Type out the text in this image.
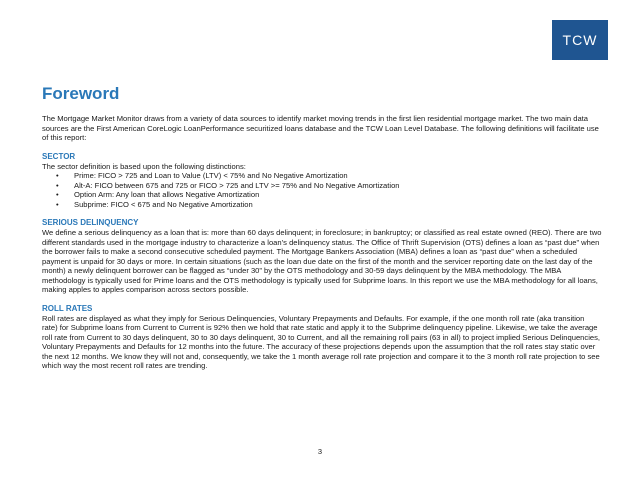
TCW
Foreword

The Mortgage Market Monitor draws from a variety of data sources to identify market moving trends in the first lien residential mortgage market. The two main data sources are the First American CoreLogic LoanPerformance securitized loans database and the TCW Loan Level Database. The following definitions will facilitate use of this report:

SECTOR

The sector definition is based upon the following distinctions:

• Prime: FICO > 725 and Loan to Value (LTV) < 75% and No Negative Amortization
• Alt-A: FICO between 675 and 725 or FICO > 725 and LTV >= 75% and No Negative Amortization
• Option Arm: Any loan that allows Negative Amortization
• Subprime: FICO < 675 and No Negative Amortization
SERIOUS DELINQUENCY

We define a serious delinquency as a loan that is: more than 60 days delinquent; in foreclosure; in bankruptcy; or classified as real estate owned (REO). There are two different standards used in the mortgage industry to characterize a loan’s delinquency status. The Office of Thrift Supervision (OTS) defines a loan as “past due” when the borrower fails to make a second consecutive scheduled payment. The Mortgage Bankers Association (MBA) defines a loan as “past due” when a scheduled payment is unpaid for 30 days or more. In certain situations (such as the loan due date on the first of the month and the servicer reporting date on the last day of the month) a newly delinquent borrower can be flagged as “under 30” by the OTS methodology and 30-59 days delinquent by the MBA methodology. The MBA methodology is typically used for Prime loans and the OTS methodology is typically used for Subprime loans. In this report we use the MBA methodology for all loans, making apples to apples comparison across sectors possible.

ROLL RATES

Roll rates are displayed as what they imply for Serious Delinquencies, Voluntary Prepayments and Defaults. For example, if the one month roll rate (aka transition rate) for Subprime loans from Current to Current is 92% then we hold that rate static and apply it to the Subprime delinquency pipeline. Likewise, we take the average roll rate from Current to 30 days delinquent, 30 to 30 days delinquent, 30 to Current, and all the remaining roll pairs (63 in all) to project implied Serious Delinquencies, Voluntary Prepayments and Defaults for 12 months into the future. The accuracy of these projections depends upon the assumption that the roll rates stay static over the next 12 months. We know they will not and, consequently, we take the 1 month average roll rate projection and compare it to the 3 month roll rate projection to see which way the most recent roll rates are trending.

3
